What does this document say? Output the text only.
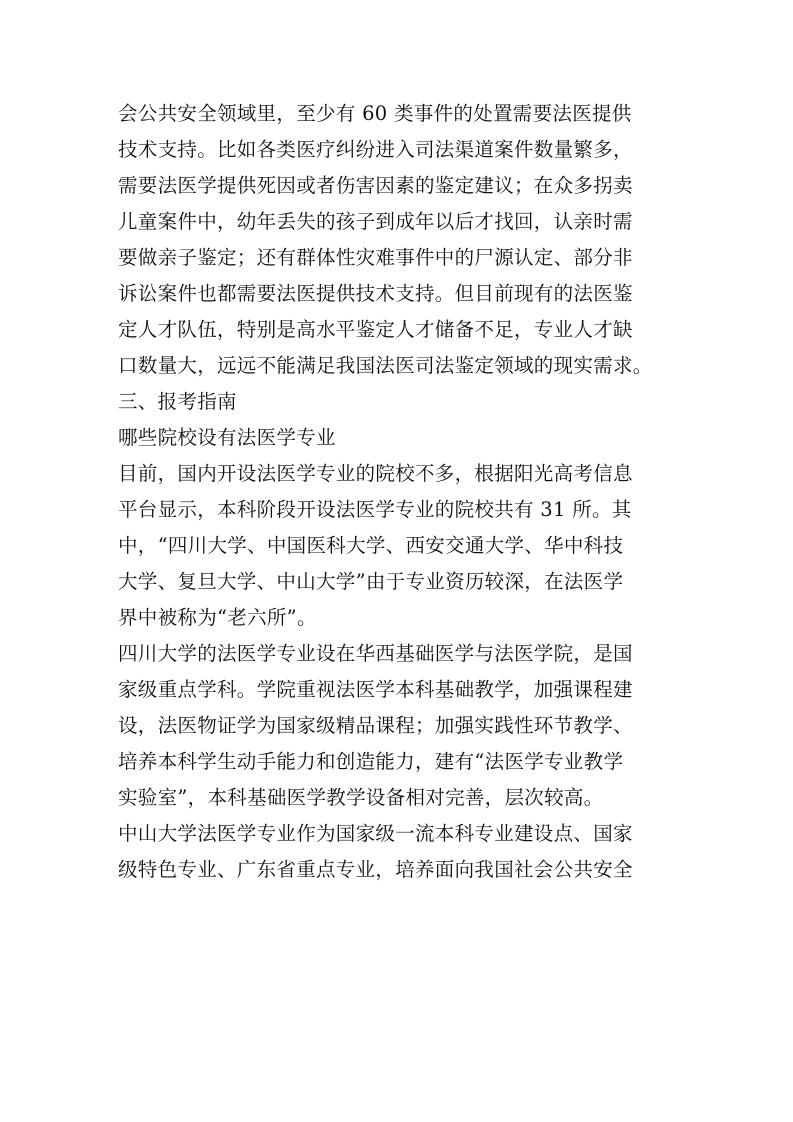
会公共安全领域里，至少有 60 类事件的处置需要法医提供
技术支持。比如各类医疗纠纷进入司法渠道案件数量繁多，
需要法医学提供死因或者伤害因素的鉴定建议；在众多拐卖
儿童案件中，幼年丢失的孩子到成年以后才找回，认亲时需
要做亲子鉴定；还有群体性灾难事件中的尸源认定、部分非
诉讼案件也都需要法医提供技术支持。但目前现有的法医鉴
定人才队伍，特别是高水平鉴定人才储备不足，专业人才缺
口数量大，远远不能满足我国法医司法鉴定领域的现实需求。
三、报考指南
哪些院校设有法医学专业
目前，国内开设法医学专业的院校不多，根据阳光高考信息
平台显示，本科阶段开设法医学专业的院校共有 31 所。其
中，“四川大学、中国医科大学、西安交通大学、华中科技
大学、复旦大学、中山大学”由于专业资历较深，在法医学
界中被称为“老六所”。
四川大学的法医学专业设在华西基础医学与法医学院，是国
家级重点学科。学院重视法医学本科基础教学，加强课程建
设，法医物证学为国家级精品课程；加强实践性环节教学、
培养本科学生动手能力和创造能力，建有“法医学专业教学
实验室”，本科基础医学教学设备相对完善，层次较高。
中山大学法医学专业作为国家级一流本科专业建设点、国家
级特色专业、广东省重点专业，培养面向我国社会公共安全
